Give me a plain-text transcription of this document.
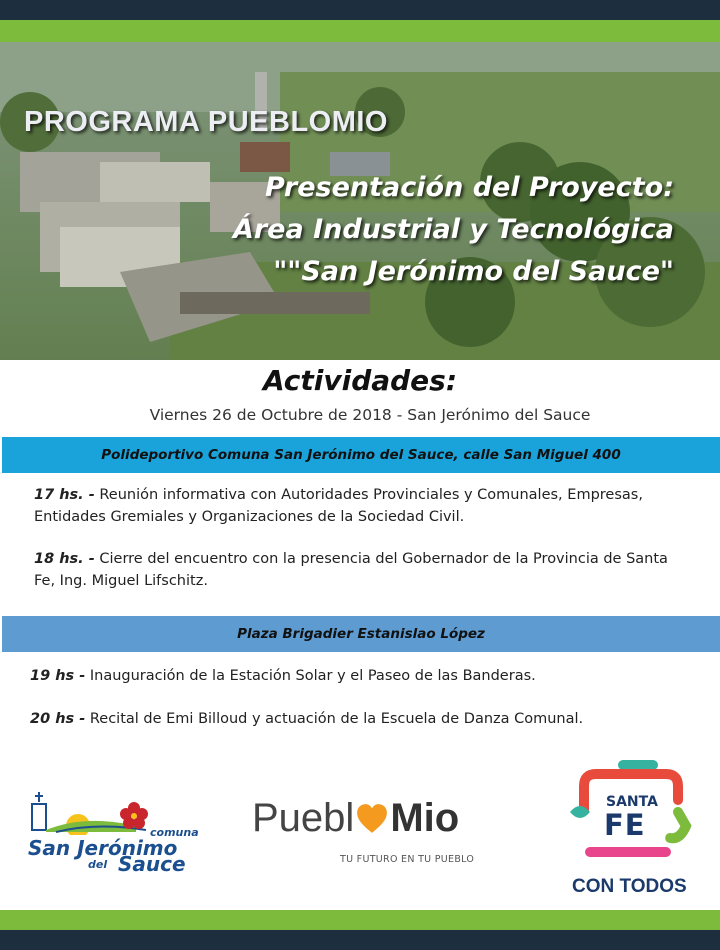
PROGRAMA PUEBLOMIO
Presentación del Proyecto:
Área Industrial y Tecnológica
""San Jerónimo del Sauce"
Actividades:
Viernes 26 de Octubre de 2018 - San Jerónimo del Sauce
Polideportivo Comuna San Jerónimo del Sauce, calle San Miguel 400
17 hs. - Reunión informativa con Autoridades Provinciales y Comunales, Empresas, Entidades Gremiales y Organizaciones de la Sociedad Civil.
18 hs. - Cierre del encuentro con la presencia del Gobernador de la Provincia de Santa Fe, Ing. Miguel Lifschitz.
Plaza Brigadier Estanislao López
19 hs - Inauguración de la Estación Solar y el Paseo de las Banderas.
20 hs - Recital de Emi Billoud y actuación de la Escuela de Danza Comunal.
comuna
San Jerónimo
del Sauce
Puebl Mio
TU FUTURO EN TU PUEBLO
SANTA
FE
CON TODOS
